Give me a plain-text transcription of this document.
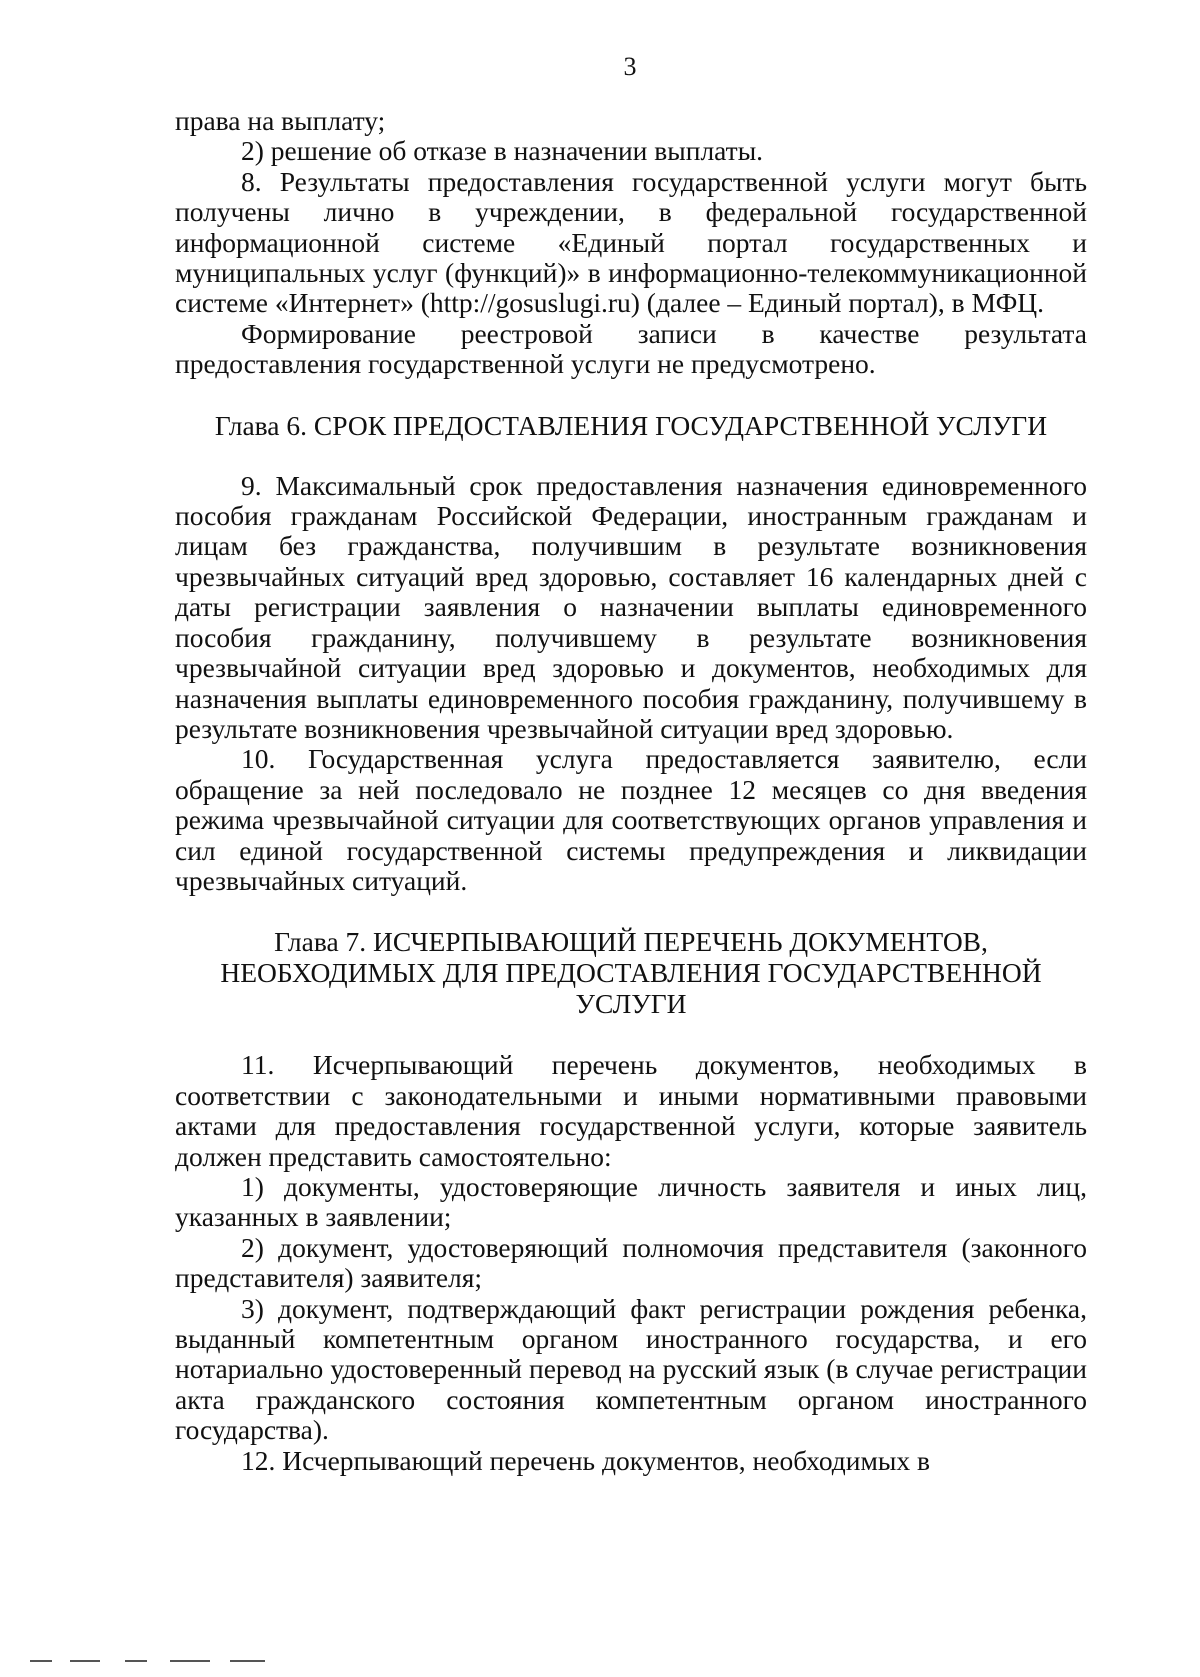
3

права на выплату;

2) решение об отказе в назначении выплаты.

8. Результаты предоставления государственной услуги могут быть получены лично в учреждении, в федеральной государственной информационной системе «Единый портал государственных и муниципальных услуг (функций)» в информационно-телекоммуникационной системе «Интернет» (http://gosuslugi.ru) (далее – Единый портал), в МФЦ.

Формирование реестровой записи в качестве результата предоставления государственной услуги не предусмотрено.

Глава 6. СРОК ПРЕДОСТАВЛЕНИЯ ГОСУДАРСТВЕННОЙ УСЛУГИ

9. Максимальный срок предоставления назначения единовременного пособия гражданам Российской Федерации, иностранным гражданам и лицам без гражданства, получившим в результате возникновения чрезвычайных ситуаций вред здоровью, составляет 16 календарных дней с даты регистрации заявления о назначении выплаты единовременного пособия гражданину, получившему в результате возникновения чрезвычайной ситуации вред здоровью и документов, необходимых для назначения выплаты единовременного пособия гражданину, получившему в результате возникновения чрезвычайной ситуации вред здоровью.

10. Государственная услуга предоставляется заявителю, если обращение за ней последовало не позднее 12 месяцев со дня введения режима чрезвычайной ситуации для соответствующих органов управления и сил единой государственной системы предупреждения и ликвидации чрезвычайных ситуаций.

Глава 7. ИСЧЕРПЫВАЮЩИЙ ПЕРЕЧЕНЬ ДОКУМЕНТОВ, НЕОБХОДИМЫХ ДЛЯ ПРЕДОСТАВЛЕНИЯ ГОСУДАРСТВЕННОЙ УСЛУГИ

11. Исчерпывающий перечень документов, необходимых в соответствии с законодательными и иными нормативными правовыми актами для предоставления государственной услуги, которые заявитель должен представить самостоятельно:

1) документы, удостоверяющие личность заявителя и иных лиц, указанных в заявлении;

2) документ, удостоверяющий полномочия представителя (законного представителя) заявителя;

3) документ, подтверждающий факт регистрации рождения ребенка, выданный компетентным органом иностранного государства, и его нотариально удостоверенный перевод на русский язык (в случае регистрации акта гражданского состояния компетентным органом иностранного государства).

12. Исчерпывающий перечень документов, необходимых в
